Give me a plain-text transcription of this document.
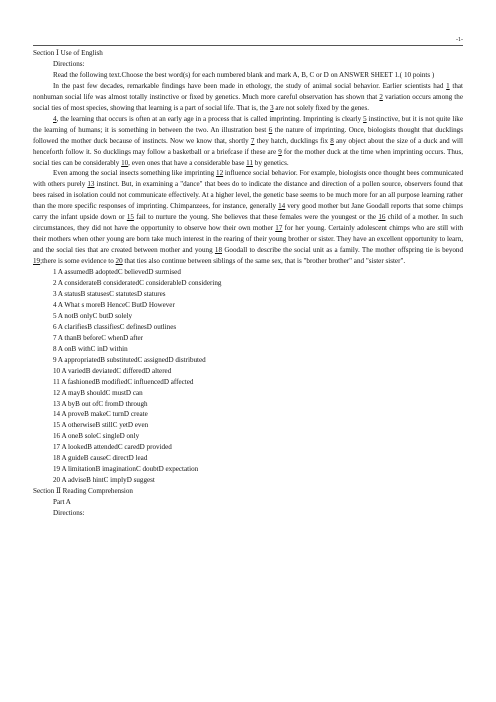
-1-

Section Ⅰ Use of English

Directions:

Read the following text.Choose the best word(s) for each numbered blank and mark A, B, C or D on ANSWER SHEET 1.( 10 points )

In the past few decades, remarkable findings have been made in ethology, the study of animal social behavior. Earlier scientists had 1 that nonhuman social life was almost totally instinctive or fixed by genetics. Much more careful observation has shown that 2 variation occurs among the social ties of most species, showing that learning is a part of social life. That is, the 3 are not solely fixed by the genes.

4, the learning that occurs is often at an early age in a process that is called imprinting. Imprinting is clearly 5 instinctive, but it is not quite like the learning of humans; it is something in between the two. An illustration best 6 the nature of imprinting. Once, biologists thought that ducklings followed the mother duck because of instincts. Now we know that, shortly 7 they hatch, ducklings fix 8 any object about the size of a duck and will henceforth follow it. So ducklings may follow a basketball or a briefcase if these are 9 for the mother duck at the time when imprinting occurs. Thus, social ties can be considerably 10, even ones that have a considerable base 11 by genetics.

Even among the social insects something like imprinting 12 influence social behavior. For example, biologists once thought bees communicated with others purely 13 instinct. But, in examining a "dance" that bees do to indicate the distance and direction of a pollen source, observers found that bees raised in isolation could not communicate effectively. At a higher level, the genetic base seems to be much more for an all purpose learning rather than the more specific responses of imprinting. Chimpanzees, for instance, generally 14 very good mother but Jane Goodall reports that some chimps carry the infant upside down or 15 fail to nurture the young. She believes that these females were the youngest or the 16 child of a mother. In such circumstances, they did not have the opportunity to observe how their own mother 17 for her young. Certainly adolescent chimps who are still with their mothers when other young are born take much interest in the rearing of their young brother or sister. They have an excellent opportunity to learn, and the social ties that are created between mother and young 18 Goodall to describe the social unit as a family. The mother offspring tie is beyond 19;there is some evidence to 20 that ties also continue between siblings of the same sex, that is "brother brother" and "sister sister".

1 A assumedB adoptedC believedD surmised

2 A considerateB consideratedC considerableD considering

3 A statusB statusesC statutesD statures

4 A What s moreB HenceC ButD However

5 A notB onlyC butD solely

6 A clarifiesB classifiesC definesD outlines

7 A thanB beforeC whenD after

8 A onB withC inD within

9 A appropriatedB substitutedC assignedD distributed

10 A variedB deviatedC differedD altered

11 A fashionedB modifiedC influencedD affected

12 A mayB shouldC mustD can

13 A byB out ofC fromD through

14 A proveB makeC turnD create

15 A otherwiseB stillC yetD even

16 A oneB soleC singleD only

17 A lookedB attendedC caredD provided

18 A guideB causeC directD lead

19 A limitationB imaginationC doubtD expectation

20 A adviseB hintC implyD suggest

Section Ⅱ Reading Comprehension

Part A

Directions:
